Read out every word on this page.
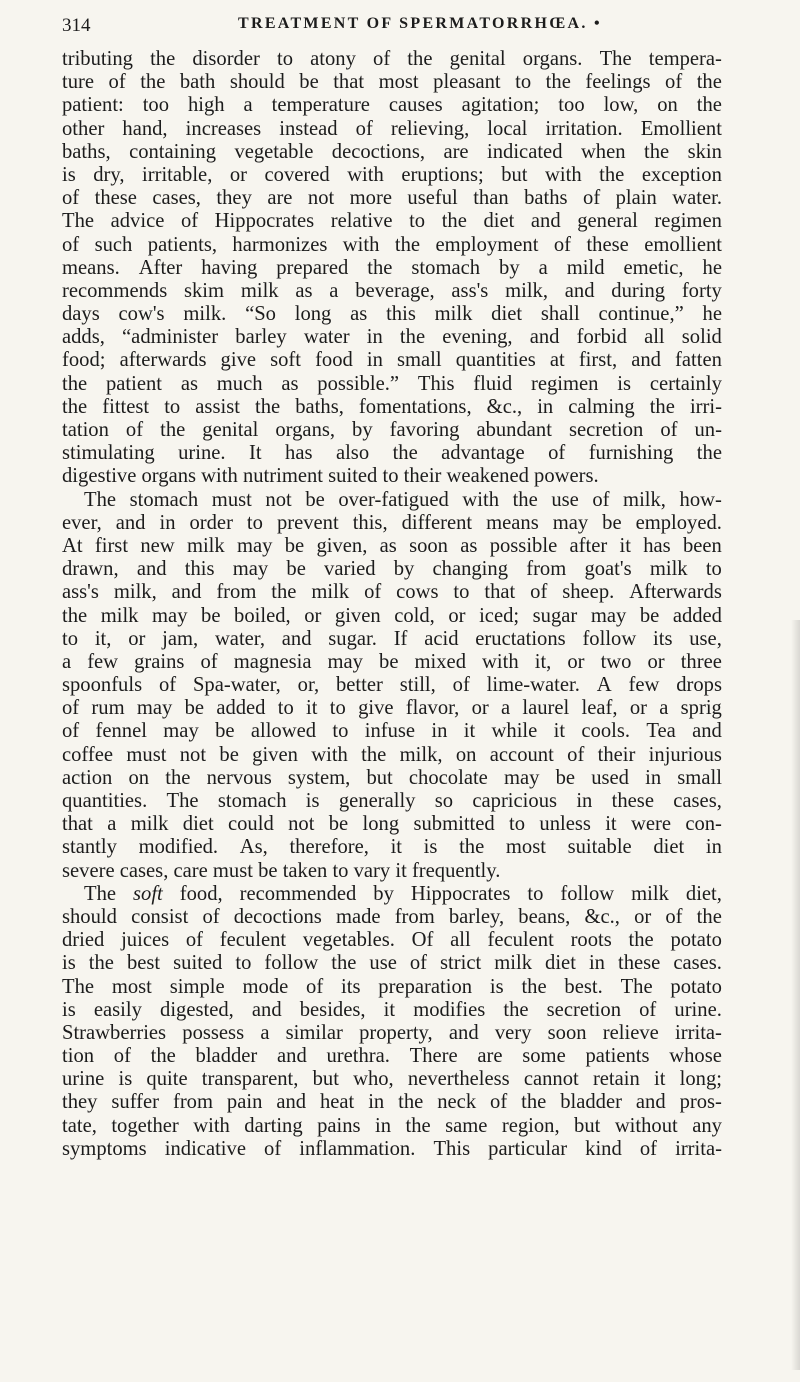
314	TREATMENT OF SPERMATORRHŒA. •
tributing the disorder to atony of the genital organs. The tempera-
ture of the bath should be that most pleasant to the feelings of the
patient: too high a temperature causes agitation; too low, on the
other hand, increases instead of relieving, local irritation. Emollient
baths, containing vegetable decoctions, are indicated when the skin
is dry, irritable, or covered with eruptions; but with the exception
of these cases, they are not more useful than baths of plain water.
The advice of Hippocrates relative to the diet and general regimen
of such patients, harmonizes with the employment of these emollient
means. After having prepared the stomach by a mild emetic, he
recommends skim milk as a beverage, ass's milk, and during forty
days cow's milk. “So long as this milk diet shall continue,” he
adds, “administer barley water in the evening, and forbid all solid
food; afterwards give soft food in small quantities at first, and fatten
the patient as much as possible.” This fluid regimen is certainly
the fittest to assist the baths, fomentations, &c., in calming the irri-
tation of the genital organs, by favoring abundant secretion of un-
stimulating urine. It has also the advantage of furnishing the
digestive organs with nutriment suited to their weakened powers.
The stomach must not be over-fatigued with the use of milk, how-
ever, and in order to prevent this, different means may be employed.
At first new milk may be given, as soon as possible after it has been
drawn, and this may be varied by changing from goat's milk to
ass's milk, and from the milk of cows to that of sheep. Afterwards
the milk may be boiled, or given cold, or iced; sugar may be added
to it, or jam, water, and sugar. If acid eructations follow its use,
a few grains of magnesia may be mixed with it, or two or three
spoonfuls of Spa-water, or, better still, of lime-water. A few drops
of rum may be added to it to give flavor, or a laurel leaf, or a sprig
of fennel may be allowed to infuse in it while it cools. Tea and
coffee must not be given with the milk, on account of their injurious
action on the nervous system, but chocolate may be used in small
quantities. The stomach is generally so capricious in these cases,
that a milk diet could not be long submitted to unless it were con-
stantly modified. As, therefore, it is the most suitable diet in
severe cases, care must be taken to vary it frequently.
The soft food, recommended by Hippocrates to follow milk diet,
should consist of decoctions made from barley, beans, &c., or of the
dried juices of feculent vegetables. Of all feculent roots the potato
is the best suited to follow the use of strict milk diet in these cases.
The most simple mode of its preparation is the best. The potato
is easily digested, and besides, it modifies the secretion of urine.
Strawberries possess a similar property, and very soon relieve irrita-
tion of the bladder and urethra. There are some patients whose
urine is quite transparent, but who, nevertheless cannot retain it long;
they suffer from pain and heat in the neck of the bladder and pros-
tate, together with darting pains in the same region, but without any
symptoms indicative of inflammation. This particular kind of irrita-
